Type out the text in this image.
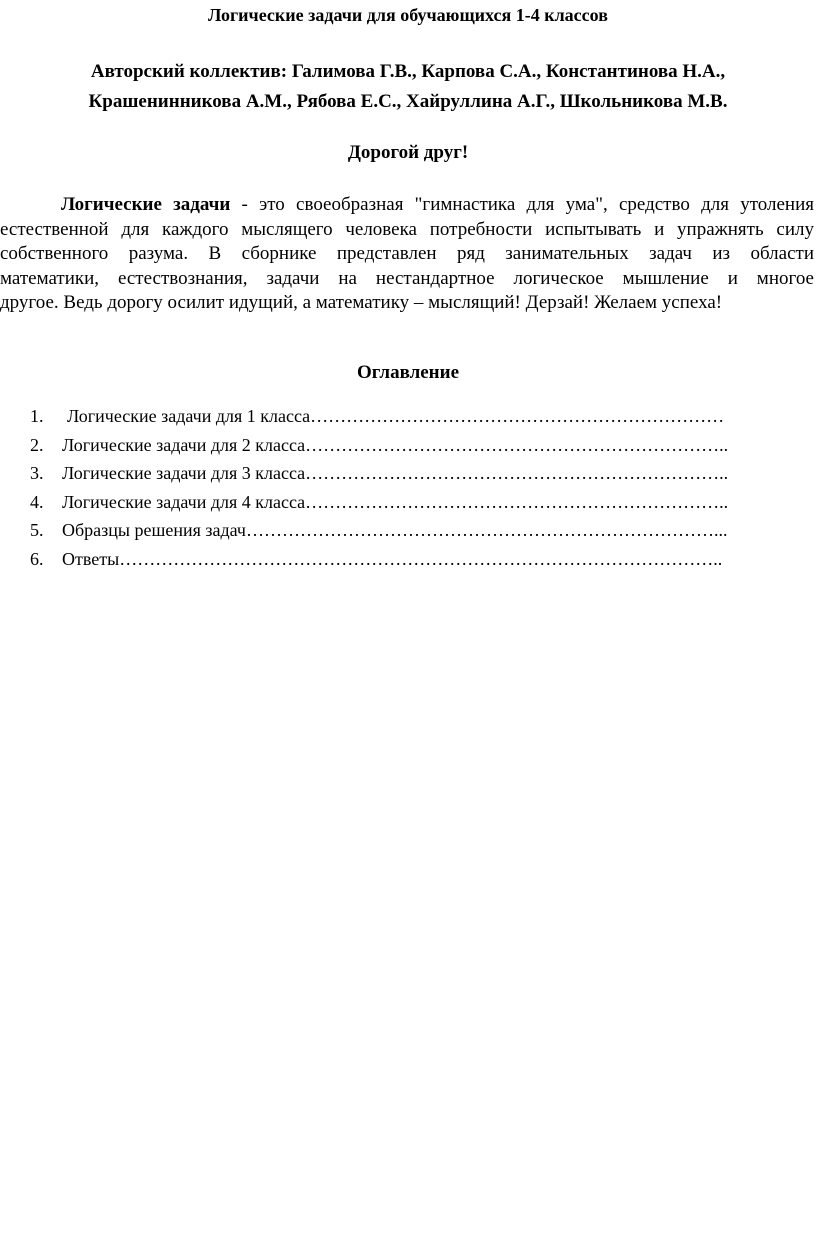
Логические задачи для обучающихся 1-4 классов
Авторский коллектив: Галимова Г.В., Карпова С.А., Константинова Н.А.,
Крашенинникова А.М., Рябова Е.С., Хайруллина А.Г., Школьникова М.В.
Дорогой друг!
Логические задачи - это своеобразная "гимнастика для ума", средство для утоления
естественной для каждого мыслящего человека потребности испытывать и упражнять силу
собственного разума. В сборнике представлен ряд занимательных задач из области
математики, естествознания, задачи на нестандартное логическое мышление и многое
другое. Ведь дорогу осилит идущий, а математику – мыслящий! Дерзай! Желаем успеха!
Оглавление
1. Логические задачи для 1 класса……………………………………………………………
2. Логические задачи для 2 класса……………………………………………………………..
3. Логические задачи для 3 класса……………………………………………………………..
4. Логические задачи для 4 класса……………………………………………………………..
5. Образцы решения задач……………………………………………………………………...
6. Ответы………………………………………………………………………………………..
